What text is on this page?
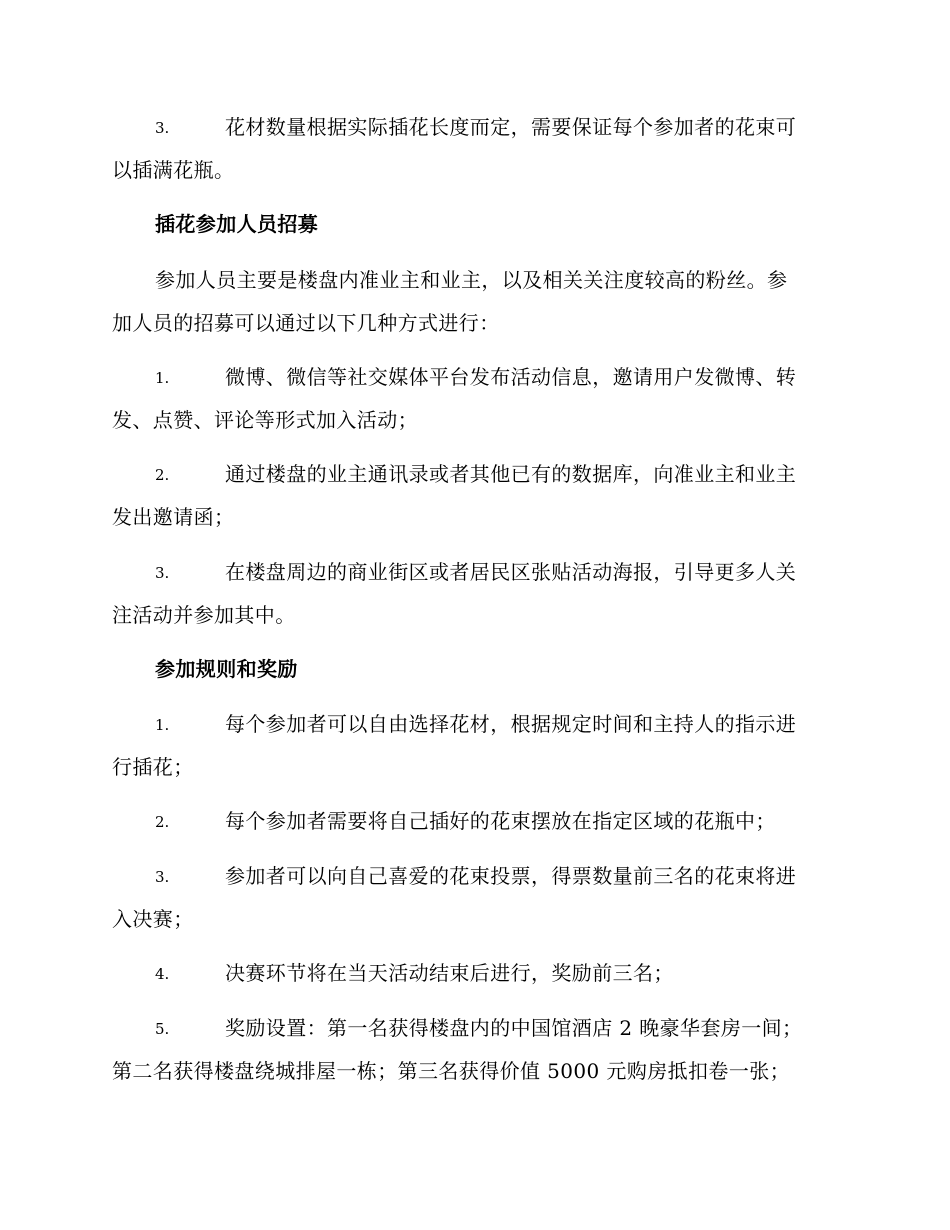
3.	花材数量根据实际插花长度而定，需要保证每个参加者的花束可
以插满花瓶。
插花参加人员招募
参加人员主要是楼盘内准业主和业主，以及相关关注度较高的粉丝。参
加人员的招募可以通过以下几种方式进行：
1.	微博、微信等社交媒体平台发布活动信息，邀请用户发微博、转
发、点赞、评论等形式加入活动；
2.	通过楼盘的业主通讯录或者其他已有的数据库，向准业主和业主
发出邀请函；
3.	在楼盘周边的商业街区或者居民区张贴活动海报，引导更多人关
注活动并参加其中。
参加规则和奖励
1.	每个参加者可以自由选择花材，根据规定时间和主持人的指示进
行插花；
2.	每个参加者需要将自己插好的花束摆放在指定区域的花瓶中；
3.	参加者可以向自己喜爱的花束投票，得票数量前三名的花束将进
入决赛；
4.	决赛环节将在当天活动结束后进行，奖励前三名；
5.	奖励设置：第一名获得楼盘内的中国馆酒店 2 晚豪华套房一间；
第二名获得楼盘绕城排屋一栋；第三名获得价值 5000 元购房抵扣卷一张；
